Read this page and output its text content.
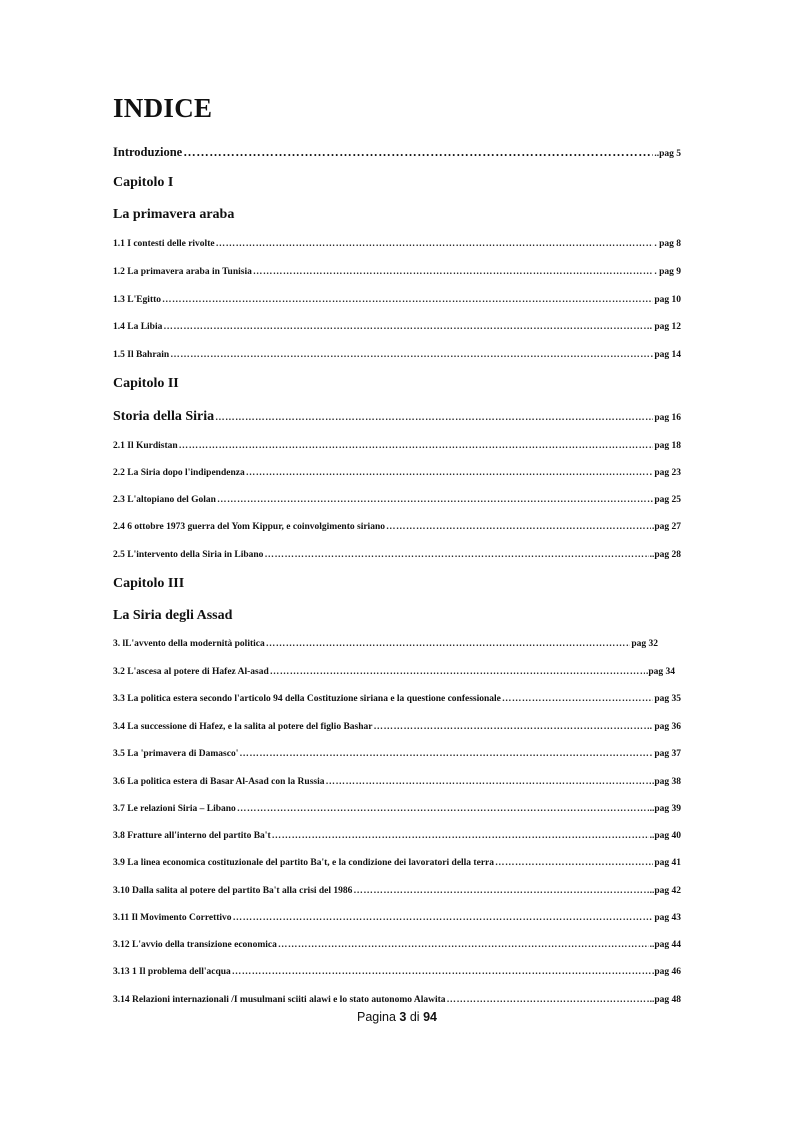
INDICE
Introduzione ……………………………………………………………………………………………………………………………………………………………………………………………………………………………………………………………………………………………………	..pag 5
Capitolo I
La primavera araba
1.1 I contesti delle rivolte ……………………………………………………………………………………………………………………………………………………………………………………………………………………………………………………………………………………………………	. pag 8
1.2 La primavera araba in Tunisia ……………………………………………………………………………………………………………………………………………………………………………………………………………………………………………………………………………………………………	. pag 9
1.3 L'Egitto ……………………………………………………………………………………………………………………………………………………………………………………………………………………………………………………………………………………………………	pag 10
1.4 La Libia ……………………………………………………………………………………………………………………………………………………………………………………………………………………………………………………………………………………………………	. pag 12
1.5 Il Bahrain ……………………………………………………………………………………………………………………………………………………………………………………………………………………………………………………………………………………………………	pag 14
Capitolo II
Storia della Siria ……………………………………………………………………………………………………………………………………………………………………………………………………………………………………………………………………………………………………	pag 16
2.1 Il Kurdistan ……………………………………………………………………………………………………………………………………………………………………………………………………………………………………………………………………………………………………	pag 18
2.2 La Siria dopo l'indipendenza ……………………………………………………………………………………………………………………………………………………………………………………………………………………………………………………………………………………………………	. pag 23
2.3 L'altopiano del Golan ……………………………………………………………………………………………………………………………………………………………………………………………………………………………………………………………………………………………………	pag 25
2.4 6 ottobre 1973 guerra del Yom Kippur, e coinvolgimento siriano ……………………………………………………………………………………………………………………………………………………………………………………………………………………………………………………………………………………………………	.pag 27
2.5 L'intervento della Siria in Libano ……………………………………………………………………………………………………………………………………………………………………………………………………………………………………………………………………………………………………	..pag 28
Capitolo III
La Siria degli Assad
3. lL'avvento della modernità politica ……………………………………………………………………………………………………………………………………………………………………………………………………………………………………………………………………………………………………	pag 32
3.2 L'ascesa al potere di Hafez Al-asad ……………………………………………………………………………………………………………………………………………………………………………………………………………………………………………………………………………………………………	.pag 34
3.3 La politica estera secondo l'articolo 94 della Costituzione siriana e la questione confessionale ……………………………………………………………………………………………………………………………………………………………………………………………………………………………………………………………………………………………………	pag 35
3.4 La successione di Hafez, e la salita al potere del figlio Bashar ……………………………………………………………………………………………………………………………………………………………………………………………………………………………………………………………………………………………………	. pag 36
3.5 La 'primavera di Damasco' ……………………………………………………………………………………………………………………………………………………………………………………………………………………………………………………………………………………………………	pag 37
3.6 La politica estera di Basar Al-Asad con la Russia ……………………………………………………………………………………………………………………………………………………………………………………………………………………………………………………………………………………………………	.pag 38
3.7 Le relazioni Siria – Libano ……………………………………………………………………………………………………………………………………………………………………………………………………………………………………………………………………………………………………	..pag 39
3.8 Fratture all'interno del partito Ba't ……………………………………………………………………………………………………………………………………………………………………………………………………………………………………………………………………………………………………	..pag 40
3.9 La linea economica costituzionale del partito Ba't, e la condizione dei lavoratori della terra ……………………………………………………………………………………………………………………………………………………………………………………………………………………………………………………………………………………………………	pag 41
3.10 Dalla salita al potere del partito Ba't alla crisi del 1986 ……………………………………………………………………………………………………………………………………………………………………………………………………………………………………………………………………………………………………	..pag 42
3.11 Il Movimento Correttivo ……………………………………………………………………………………………………………………………………………………………………………………………………………………………………………………………………………………………………	pag 43
3.12 L'avvio della transizione economica ……………………………………………………………………………………………………………………………………………………………………………………………………………………………………………………………………………………………………	..pag 44
3.13 1 Il problema dell'acqua ……………………………………………………………………………………………………………………………………………………………………………………………………………………………………………………………………………………………………	.pag 46
3.14 Relazioni internazionali /I musulmani sciiti alawi e lo stato autonomo Alawita ……………………………………………………………………………………………………………………………………………………………………………………………………………………………………………………………………………………………………	..pag 48
Pagina 3 di 94
